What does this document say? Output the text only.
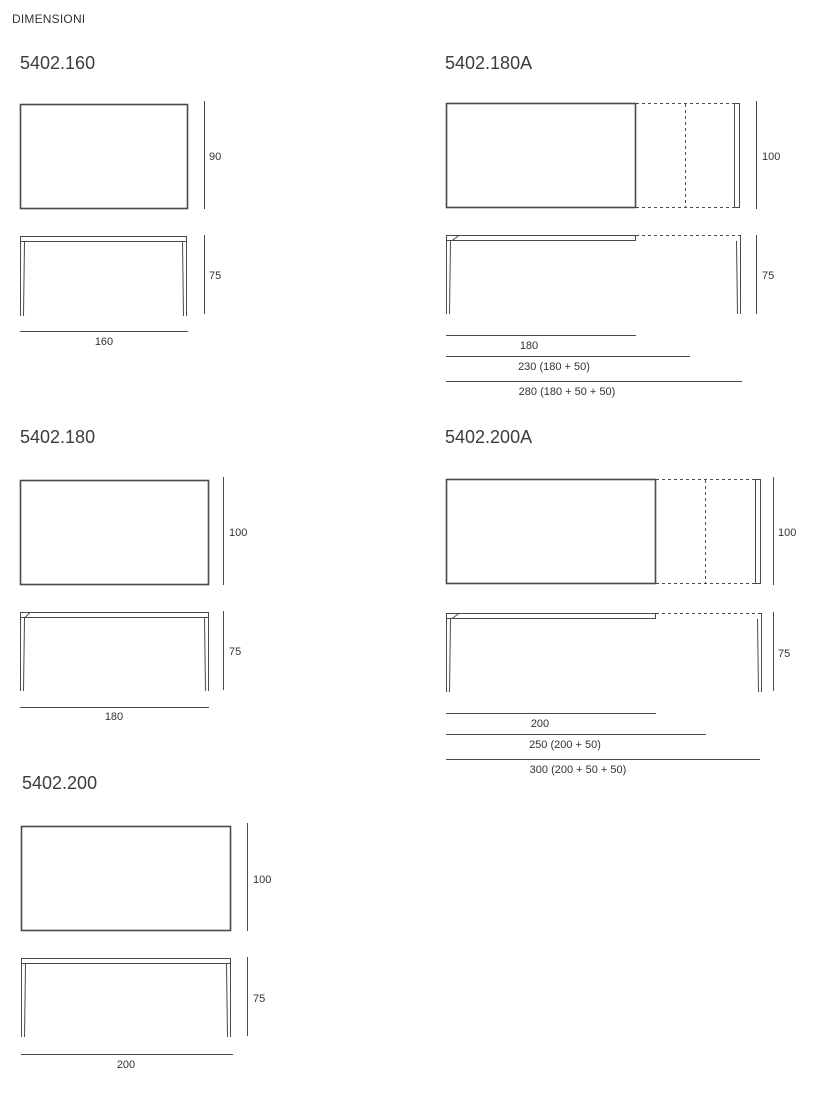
DIMENSIONI
5402.160	5402.180A
5402.180	5402.200A
5402.200
90
75
160
100
75
180
230 (180 + 50)
280 (180 + 50 + 50)
100
75
180
100
75
200
250 (200 + 50)
300 (200 + 50 + 50)
100
75
200
